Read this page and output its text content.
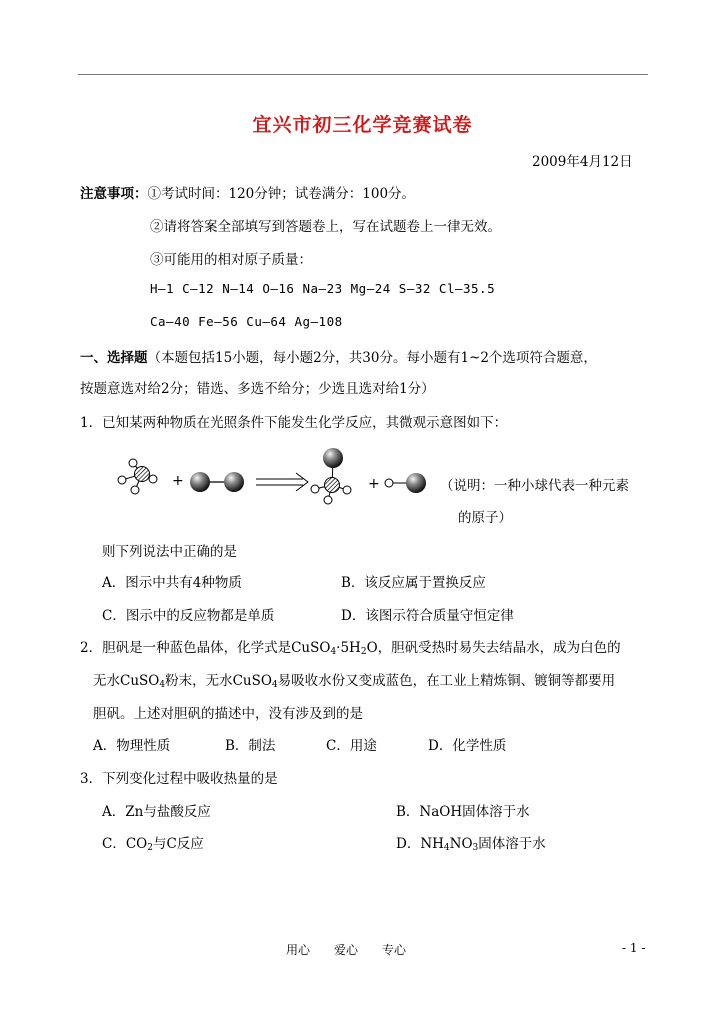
宜兴市初三化学竞赛试卷
2009年4月12日
注意事项：①考试时间：120分钟；试卷满分：100分。
②请将答案全部填写到答题卷上，写在试题卷上一律无效。
③可能用的相对原子质量：
H—1 C—12 N—14 O—16 Na—23 Mg—24 S—32 Cl—35.5
Ca—40 Fe—56 Cu—64 Ag—108
一、选择题（本题包括15小题，每小题2分，共30分。每小题有1~2个选项符合题意，
按题意选对给2分；错选、多选不给分；少选且选对给1分）
1．已知某两种物质在光照条件下能发生化学反应，其微观示意图如下：
+	+	（说明：一种小球代表一种元素
的原子）
则下列说法中正确的是
A．图示中共有4种物质	B．该反应属于置换反应
C．图示中的反应物都是单质	D．该图示符合质量守恒定律
2．胆矾是一种蓝色晶体，化学式是$CuSO_4\cdot 5H_2O$，胆矾受热时易失去结晶水，成为白色的
无水CuSO$_4$粉末，无水CuSO$_4$易吸收水份又变成蓝色，在工业上精炼铜、镀铜等都要用
胆矾。上述对胆矾的描述中，没有涉及到的是
A．物理性质	B．制法	C．用途	D．化学性质
3．下列变化过程中吸收热量的是
A．Zn与盐酸反应	B．NaOH固体溶于水
C．$CO_2$与C反应	D．$NH_4NO_3$固体溶于水
用心　　爱心　　专心	- 1 -
